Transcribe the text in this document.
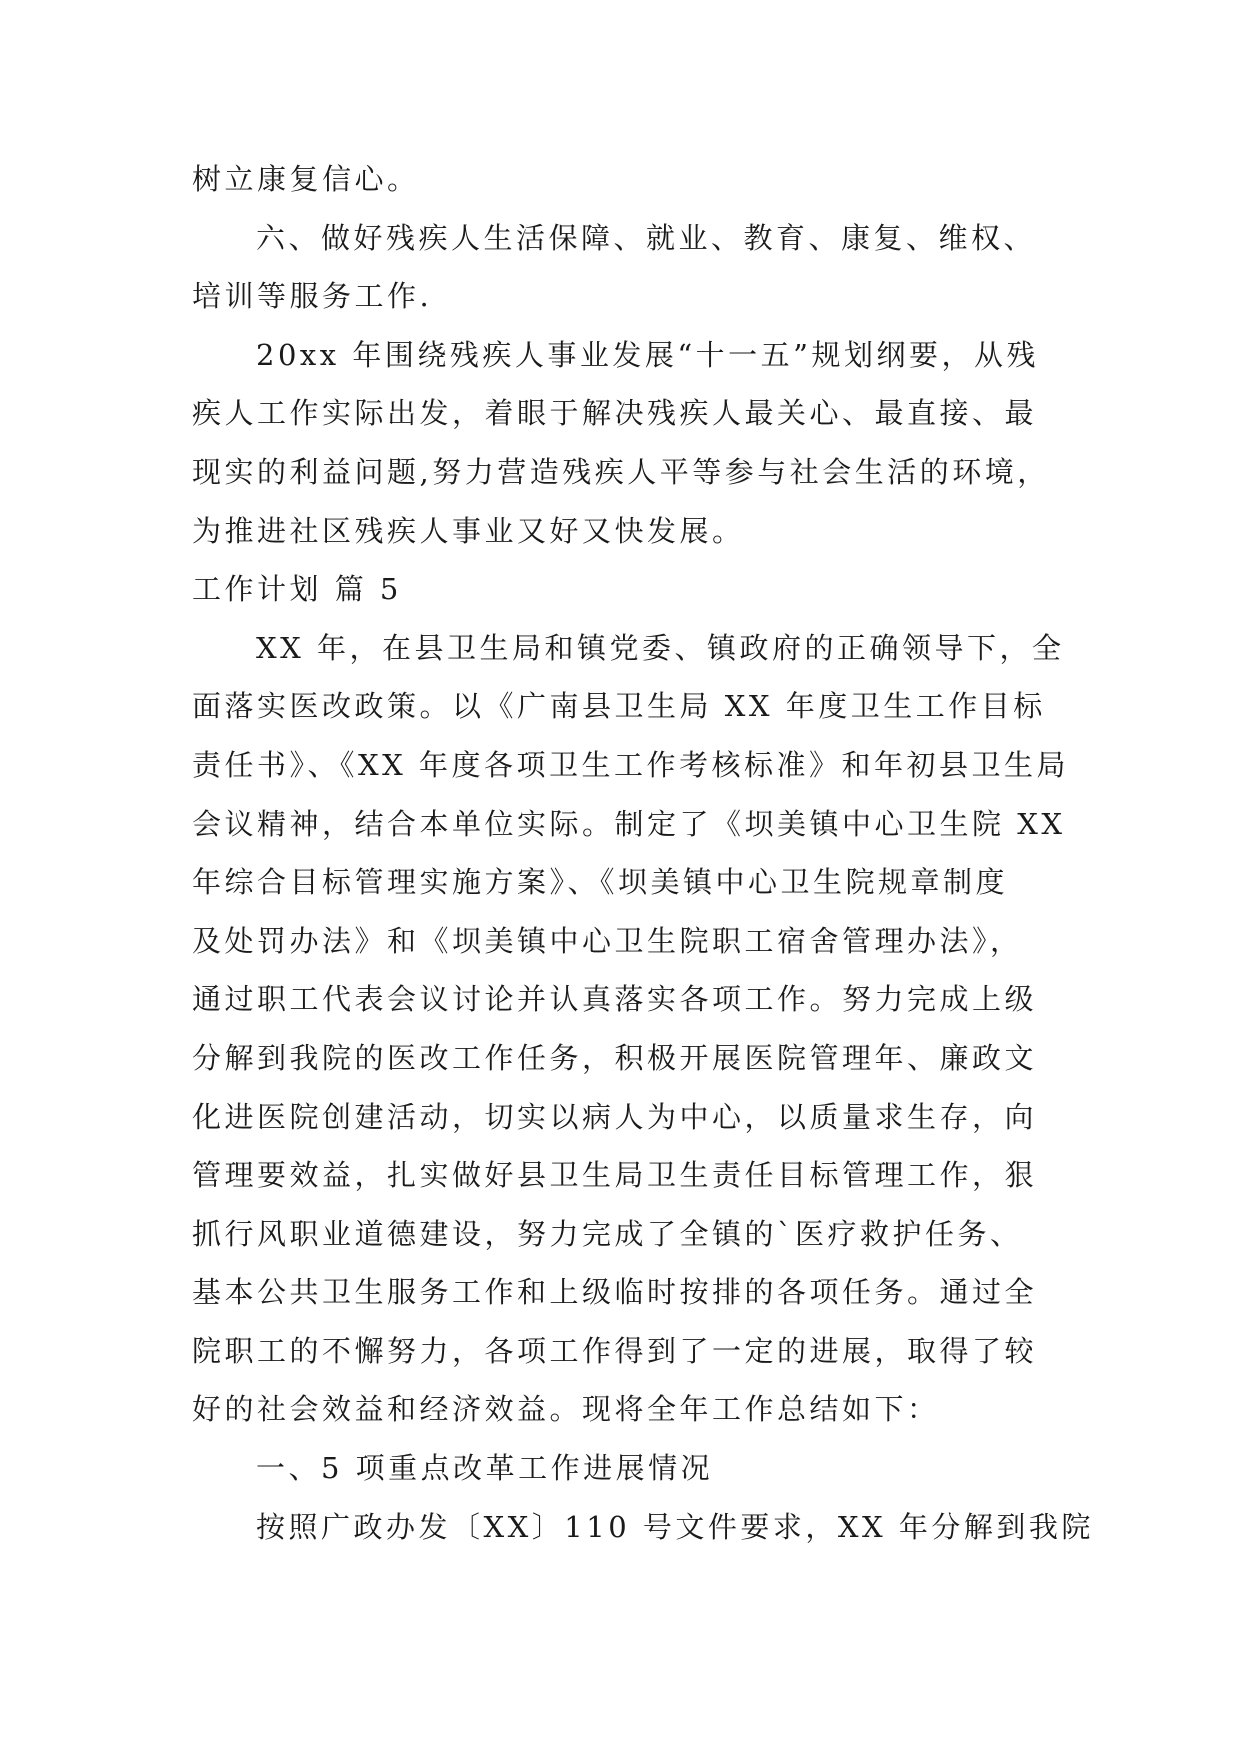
树立康复信心。
六、做好残疾人生活保障、就业、教育、康复、维权、
培训等服务工作.
20xx 年围绕残疾人事业发展“十一五”规划纲要，从残
疾人工作实际出发，着眼于解决残疾人最关心、最直接、最
现实的利益问题,努力营造残疾人平等参与社会生活的环境，
为推进社区残疾人事业又好又快发展。
工作计划 篇 5
XX 年，在县卫生局和镇党委、镇政府的正确领导下，全
面落实医改政策。以《广南县卫生局 XX 年度卫生工作目标
责任书》、《XX 年度各项卫生工作考核标准》和年初县卫生局
会议精神，结合本单位实际。制定了《坝美镇中心卫生院 XX
年综合目标管理实施方案》、《坝美镇中心卫生院规章制度
及处罚办法》和《坝美镇中心卫生院职工宿舍管理办法》，
通过职工代表会议讨论并认真落实各项工作。努力完成上级
分解到我院的医改工作任务，积极开展医院管理年、廉政文
化进医院创建活动，切实以病人为中心，以质量求生存，向
管理要效益，扎实做好县卫生局卫生责任目标管理工作，狠
抓行风职业道德建设，努力完成了全镇的`医疗救护任务、
基本公共卫生服务工作和上级临时按排的各项任务。通过全
院职工的不懈努力，各项工作得到了一定的进展，取得了较
好的社会效益和经济效益。现将全年工作总结如下：
一、5 项重点改革工作进展情况
按照广政办发〔XX〕110 号文件要求，XX 年分解到我院
